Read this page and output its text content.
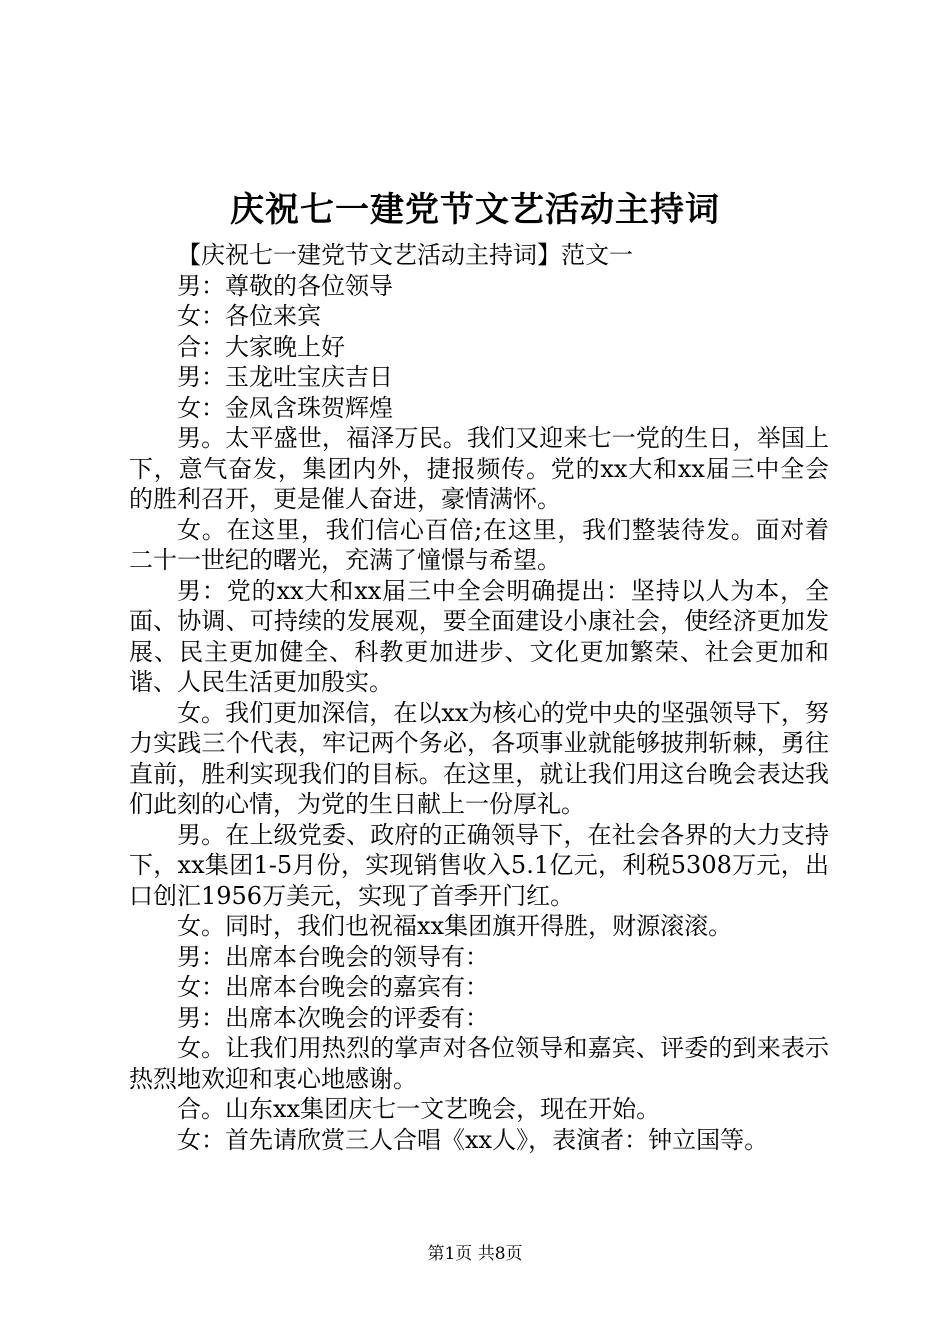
庆祝七一建党节文艺活动主持词

【庆祝七一建党节文艺活动主持词】范文一

男：尊敬的各位领导

女：各位来宾

合：大家晚上好

男：玉龙吐宝庆吉日

女：金凤含珠贺辉煌

男。太平盛世，福泽万民。我们又迎来七一党的生日，举国上下，意气奋发，集团内外，捷报频传。党的xx大和xx届三中全会的胜利召开，更是催人奋进，豪情满怀。

女。在这里，我们信心百倍;在这里，我们整装待发。面对着二十一世纪的曙光，充满了憧憬与希望。

男：党的xx大和xx届三中全会明确提出：坚持以人为本，全面、协调、可持续的发展观，要全面建设小康社会，使经济更加发展、民主更加健全、科教更加进步、文化更加繁荣、社会更加和谐、人民生活更加殷实。

女。我们更加深信，在以xx为核心的党中央的坚强领导下，努力实践三个代表，牢记两个务必，各项事业就能够披荆斩棘，勇往直前，胜利实现我们的目标。在这里，就让我们用这台晚会表达我们此刻的心情，为党的生日献上一份厚礼。

男。在上级党委、政府的正确领导下，在社会各界的大力支持下，xx集团1-5月份，实现销售收入5.1亿元，利税5308万元，出口创汇1956万美元，实现了首季开门红。

女。同时，我们也祝福xx集团旗开得胜，财源滚滚。

男：出席本台晚会的领导有：

女：出席本台晚会的嘉宾有：

男：出席本次晚会的评委有：

女。让我们用热烈的掌声对各位领导和嘉宾、评委的到来表示热烈地欢迎和衷心地感谢。

合。山东xx集团庆七一文艺晚会，现在开始。

女：首先请欣赏三人合唱《xx人》，表演者：钟立国等。

第1页 共8页
